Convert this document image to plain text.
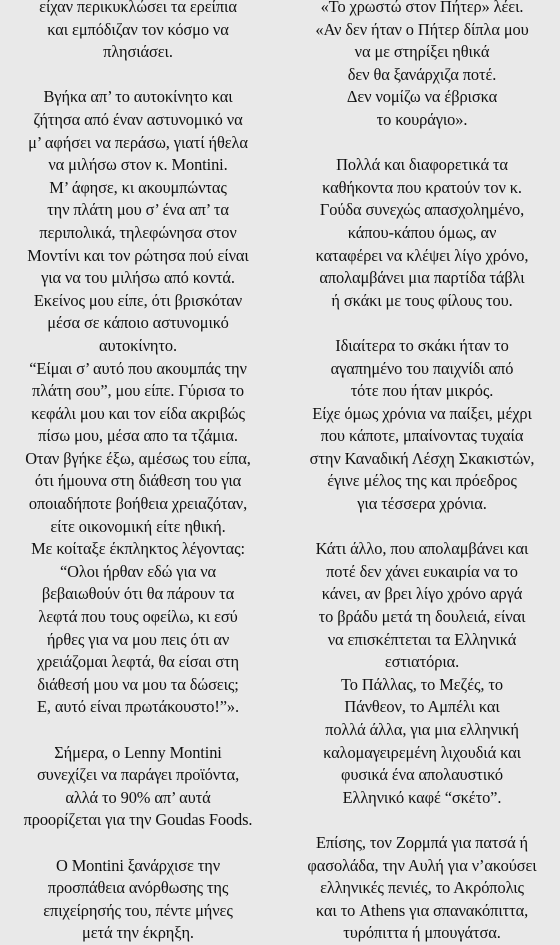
είχαν περικυκλώσει τα ερείπια
και εμπόδιζαν τον κόσμο να
πλησιάσει.

Βγήκα απ’ το αυτοκίνητο και
ζήτησα από έναν αστυνομικό να
μ’ αφήσει να περάσω, γιατί ήθελα
να μιλήσω στον κ. Montini.
Μ’ άφησε, κι ακουμπώντας
την πλάτη μου σ’ ένα απ’ τα
περιπολικά, τηλεφώνησα στον
Μοντίνι και τον ρώτησα πού είναι
για να του μιλήσω από κοντά.
Εκείνος μου είπε, ότι βρισκόταν
μέσα σε κάποιο αστυνομικό
αυτοκίνητο.
“Είμαι σ’ αυτό που ακουμπάς την
πλάτη σου”, μου είπε. Γύρισα το
κεφάλι μου και τον είδα ακριβώς
πίσω μου, μέσα απο τα τζάμια.
Οταν βγήκε έξω, αμέσως του είπα,
ότι ήμουνα στη διάθεση του για
οποιαδήποτε βοήθεια χρειαζόταν,
είτε οικονομική είτε ηθική.
Με κοίταξε έκπληκτος λέγοντας:
“Ολοι ήρθαν εδώ για να
βεβαιωθούν ότι θα πάρουν τα
λεφτά που τους οφείλω, κι εσύ
ήρθες για να μου πεις ότι αν
χρειάζομαι λεφτά, θα είσαι στη
διάθεσή μου να μου τα δώσεις;
Ε, αυτό είναι πρωτάκουστο!”».

Σήμερα, ο Lenny Montini
συνεχίζει να παράγει προϊόντα,
αλλά το 90% απ’ αυτά
προορίζεται για την Goudas Foods.

Ο Montini ξανάρχισε την
προσπάθεια ανόρθωσης της
επιχείρησής του, πέντε μήνες
μετά την έκρηξη.

«Το χρωστώ στον Πήτερ» λέει.
«Αν δεν ήταν ο Πήτερ δίπλα μου
να με στηρίξει ηθικά
δεν θα ξανάρχιζα ποτέ.
Δεν νομίζω να έβρισκα
το κουράγιο».

Πολλά και διαφορετικά τα
καθήκοντα που κρατούν τον κ.
Γούδα συνεχώς απασχολημένο,
κάπου-κάπου όμως, αν
καταφέρει να κλέψει λίγο χρόνο,
απολαμβάνει μια παρτίδα τάβλι
ή σκάκι με τους φίλους του.

Ιδιαίτερα το σκάκι ήταν το
αγαπημένο του παιχνίδι από
τότε που ήταν μικρός.
Είχε όμως χρόνια να παίξει, μέχρι
που κάποτε, μπαίνοντας τυχαία
στην Καναδική Λέσχη Σκακιστών,
έγινε μέλος της και πρόεδρος
για τέσσερα χρόνια.

Κάτι άλλο, που απολαμβάνει και
ποτέ δεν χάνει ευκαιρία να το
κάνει, αν βρει λίγο χρόνο αργά
το βράδυ μετά τη δουλειά, είναι
να επισκέπτεται τα Ελληνικά
εστιατόρια.
Το Πάλλας, το Μεζές, το
Πάνθεον, το Αμπέλι και
πολλά άλλα, για μια ελληνική
καλομαγειρεμένη λιχουδιά και
φυσικά ένα απολαυστικό
Ελληνικό καφέ “σκέτο”.

Επίσης, τον Ζορμπά για πατσά ή
φασολάδα, την Αυλή για ν’ακούσει
ελληνικές πενιές, το Ακρόπολις
και το Athens για σπανακόπιττα,
τυρόπιττα ή μπουγάτσα.
